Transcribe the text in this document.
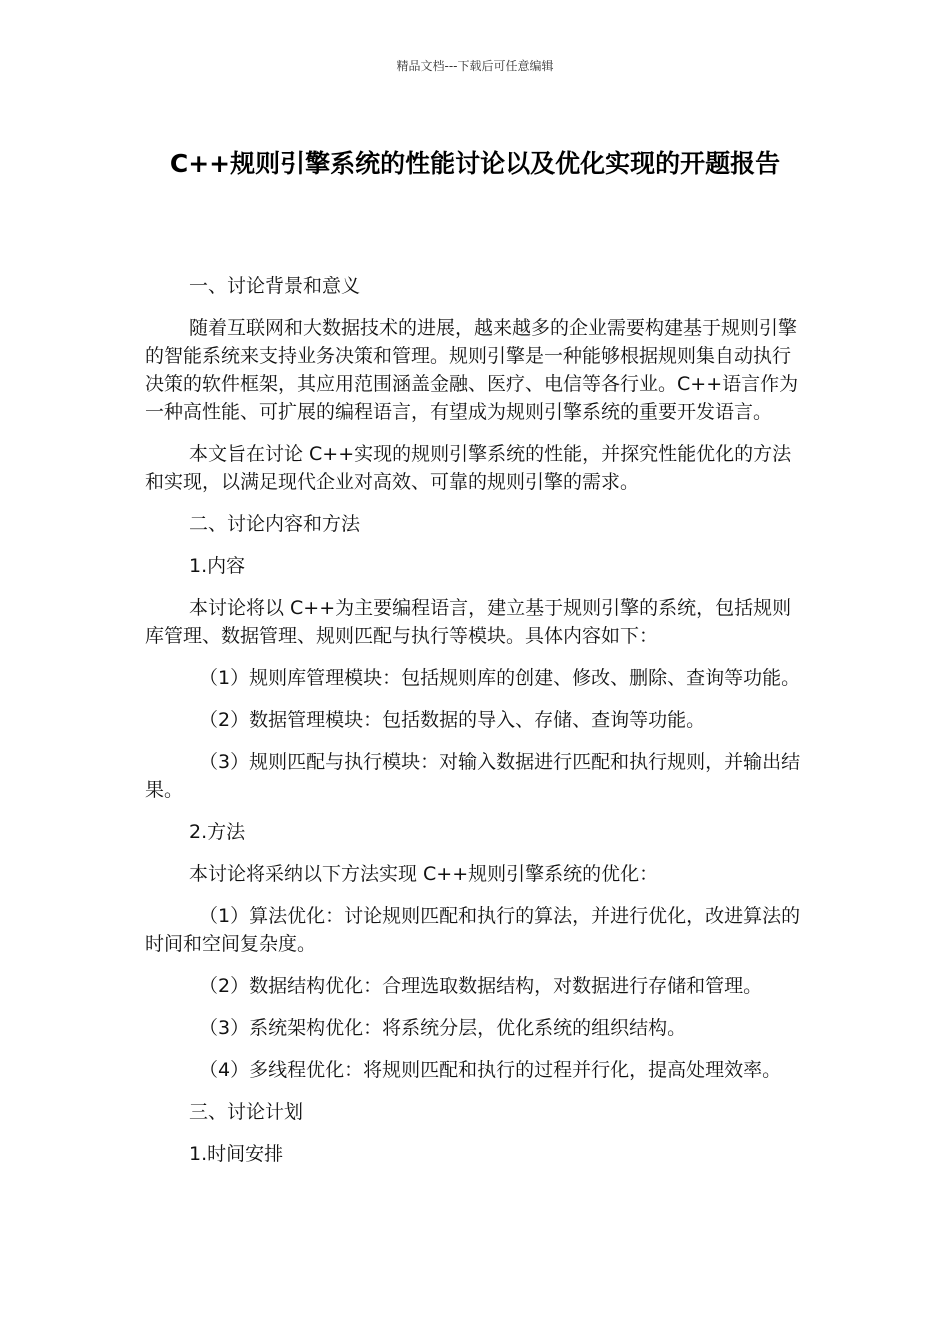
精品文档---下载后可任意编辑
C++规则引擎系统的性能讨论以及优化实现的开题报告

一、讨论背景和意义

随着互联网和大数据技术的进展，越来越多的企业需要构建基于规则引擎的智能系统来支持业务决策和管理。规则引擎是一种能够根据规则集自动执行决策的软件框架，其应用范围涵盖金融、医疗、电信等各行业。C++语言作为一种高性能、可扩展的编程语言，有望成为规则引擎系统的重要开发语言。

本文旨在讨论 C++实现的规则引擎系统的性能，并探究性能优化的方法和实现，以满足现代企业对高效、可靠的规则引擎的需求。

二、讨论内容和方法

1.内容

本讨论将以 C++为主要编程语言，建立基于规则引擎的系统，包括规则库管理、数据管理、规则匹配与执行等模块。具体内容如下：

（1）规则库管理模块：包括规则库的创建、修改、删除、查询等功能。

（2）数据管理模块：包括数据的导入、存储、查询等功能。

（3）规则匹配与执行模块：对输入数据进行匹配和执行规则，并输出结果。

2.方法

本讨论将采纳以下方法实现 C++规则引擎系统的优化：

（1）算法优化：讨论规则匹配和执行的算法，并进行优化，改进算法的时间和空间复杂度。

（2）数据结构优化：合理选取数据结构，对数据进行存储和管理。

（3）系统架构优化：将系统分层，优化系统的组织结构。

（4）多线程优化：将规则匹配和执行的过程并行化，提高处理效率。

三、讨论计划

1.时间安排
